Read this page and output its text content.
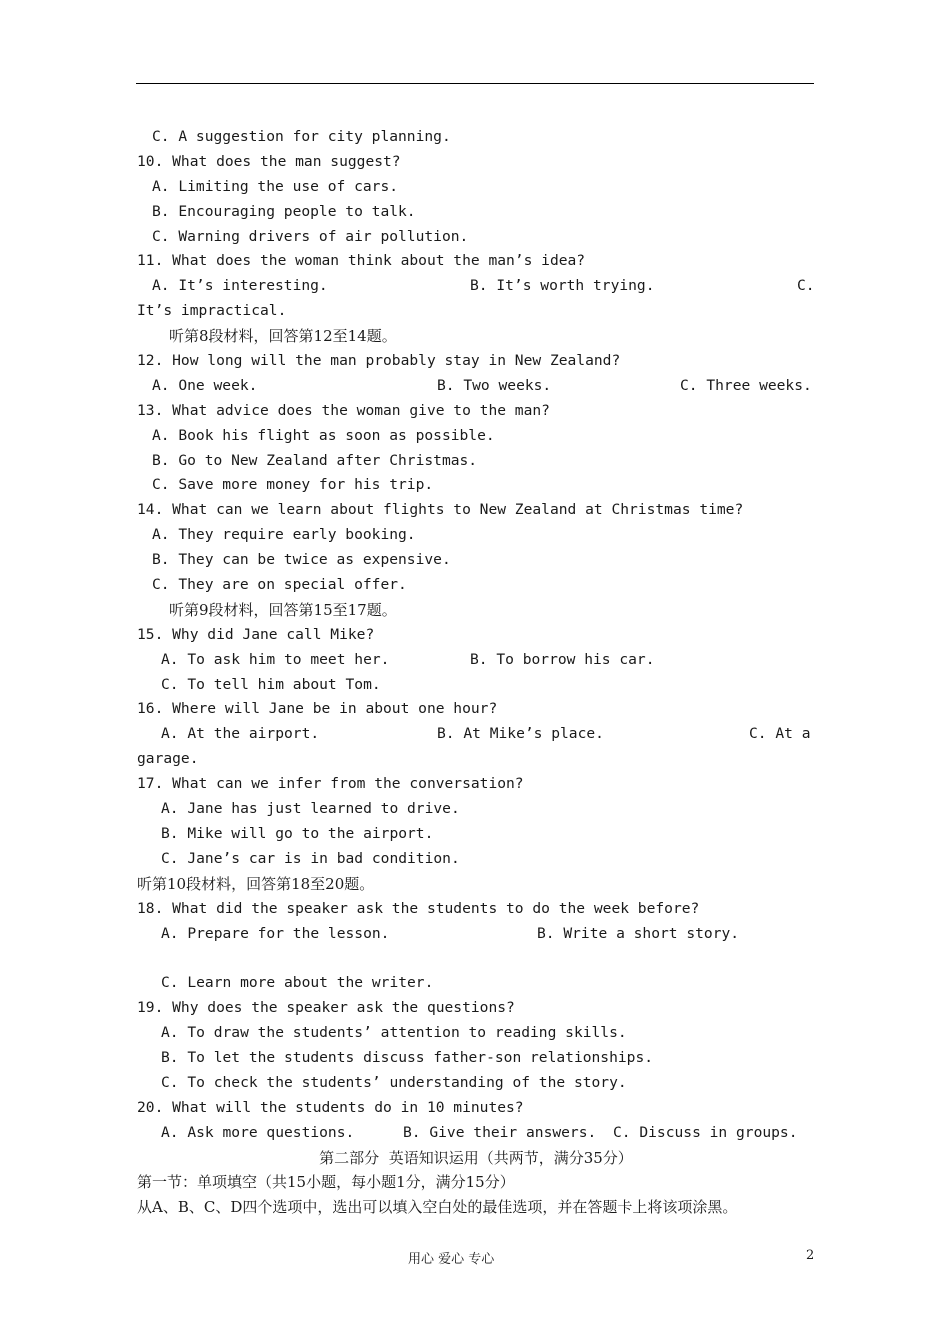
C. A suggestion for city planning.
10. What does the man suggest?
A. Limiting the use of cars.
B. Encouraging people to talk.
C. Warning drivers of air pollution.
11. What does the woman think about the man’s idea?

A. It’s interesting.

	B. It’s worth trying.

	C.

It’s impractical.
听第8段材料，回答第12至14题。
12. How long will the man probably stay in New Zealand?

A. One week.

	B. Two weeks.

	C. Three weeks.

13. What advice does the woman give to the man?
A. Book his flight as soon as possible.
B. Go to New Zealand after Christmas.
C. Save more money for his trip.
14. What can we learn about flights to New Zealand at Christmas time?
A. They require early booking.
B. They can be twice as expensive.
C. They are on special offer.
听第9段材料，回答第15至17题。
15. Why did Jane call Mike?

A. To ask him to meet her.

	B. To borrow his car.

C. To tell him about Tom.
16. Where will Jane be in about one hour?

A. At the airport.

	B. At Mike’s place.

	C. At a

garage.
17. What can we infer from the conversation?
A. Jane has just learned to drive.
B. Mike will go to the airport.
C. Jane’s car is in bad condition.
听第10段材料，回答第18至20题。
18. What did the speaker ask the students to do the week before?

A. Prepare for the lesson.

	B. Write a short story.

C. Learn more about the writer.
19. Why does the speaker ask the questions?
A. To draw the students’ attention to reading skills.
B. To let the students discuss father-son relationships.
C. To check the students’ understanding of the story.
20. What will the students do in 10 minutes?

A. Ask more questions.

	B. Give their answers.

C. Discuss in groups.

第二部分  英语知识运用（共两节，满分35分）
第一节：单项填空（共15小题，每小题1分，满分15分）
从A、B、C、D四个选项中，选出可以填入空白处的最佳选项，并在答题卡上将该项涂黑。
用心 爱心 专心	2
